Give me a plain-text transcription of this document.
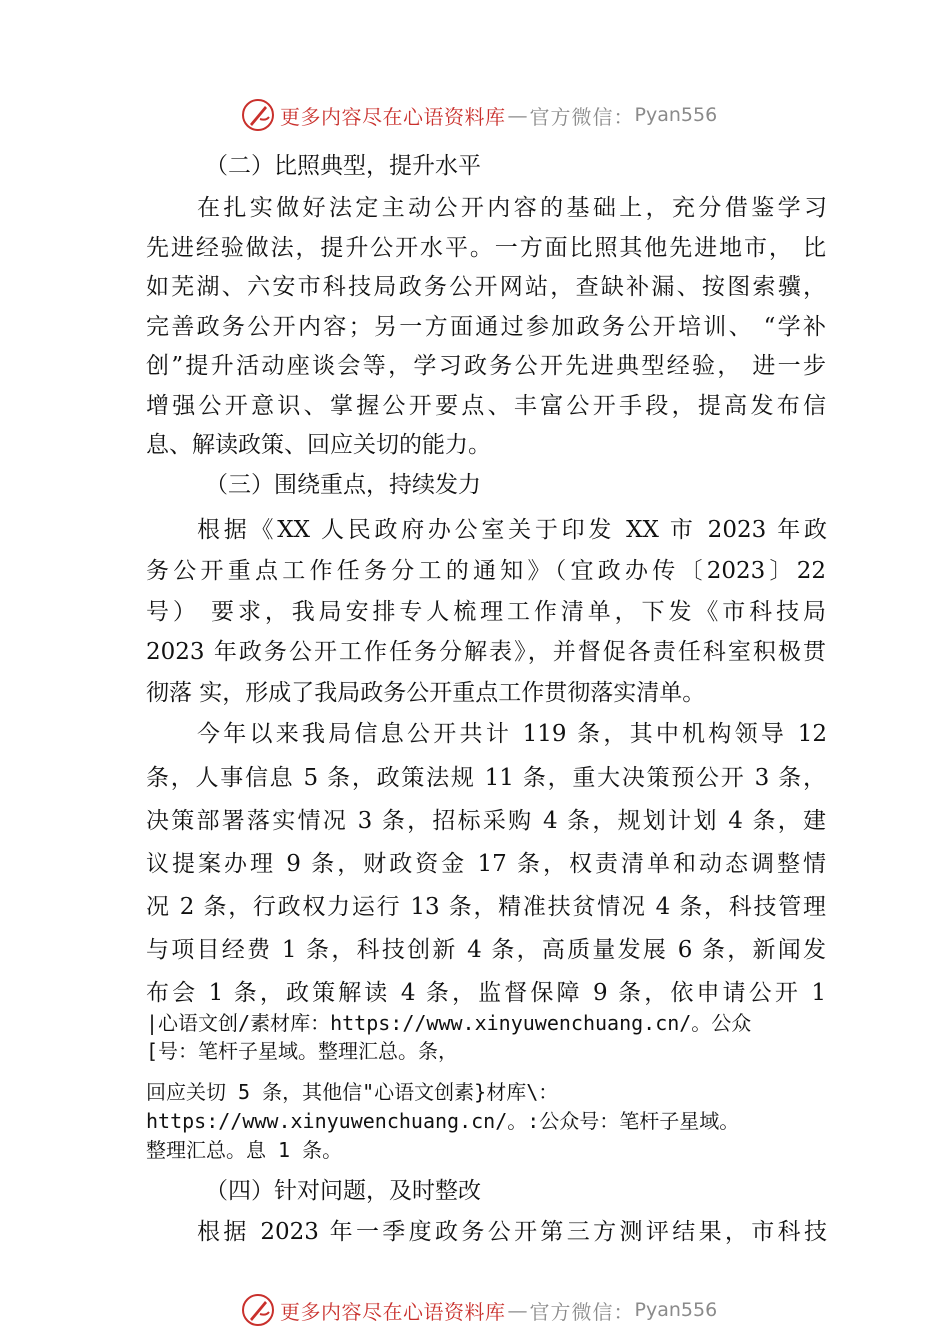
更多内容尽在心语资料库 — 官方微信： Pyan556
（二）比照典型，提升水平
在扎实做好法定主动公开内容的基础上，充分借鉴学习
先进经验做法，提升公开水平。一方面比照其他先进地市， 比
如芜湖、六安市科技局政务公开网站，查缺补漏、按图索骥，
完善政务公开内容；另一方面通过参加政务公开培训、 “学补
创”提升活动座谈会等，学习政务公开先进典型经验， 进一步
增强公开意识、掌握公开要点、丰富公开手段，提高发布信
息、解读政策、回应关切的能力。
（三）围绕重点，持续发力
根据《XX 人民政府办公室关于印发 XX 市 2023 年政
务公开重点工作任务分工的通知》（宜政办传〔2023〕22
号） 要求，我局安排专人梳理工作清单，下发《市科技局
2023 年政务公开工作任务分解表》，并督促各责任科室积极贯
彻落 实，形成了我局政务公开重点工作贯彻落实清单。
今年以来我局信息公开共计 119 条，其中机构领导 12
条，人事信息 5 条，政策法规 11 条，重大决策预公开 3 条，
决策部署落实情况 3 条，招标采购 4 条，规划计划 4 条，建
议提案办理 9 条，财政资金 17 条，权责清单和动态调整情
况 2 条，行政权力运行 13 条，精准扶贫情况 4 条，科技管理
与项目经费 1 条，科技创新 4 条，高质量发展 6 条，新闻发
布会 1 条，政策解读 4 条，监督保障 9 条，依申请公开 1
|心语文创/素材库：https://www.xinyuwenchuang.cn/。公众
[号：笔杆子星域。整理汇总。条，
回应关切 5 条，其他信"心语文创素}材库\：
https://www.xinyuwenchuang.cn/。:公众号：笔杆子星域。
整理汇总。息 1 条。
（四）针对问题，及时整改
根据 2023 年一季度政务公开第三方测评结果，市科技
更多内容尽在心语资料库 — 官方微信： Pyan556
